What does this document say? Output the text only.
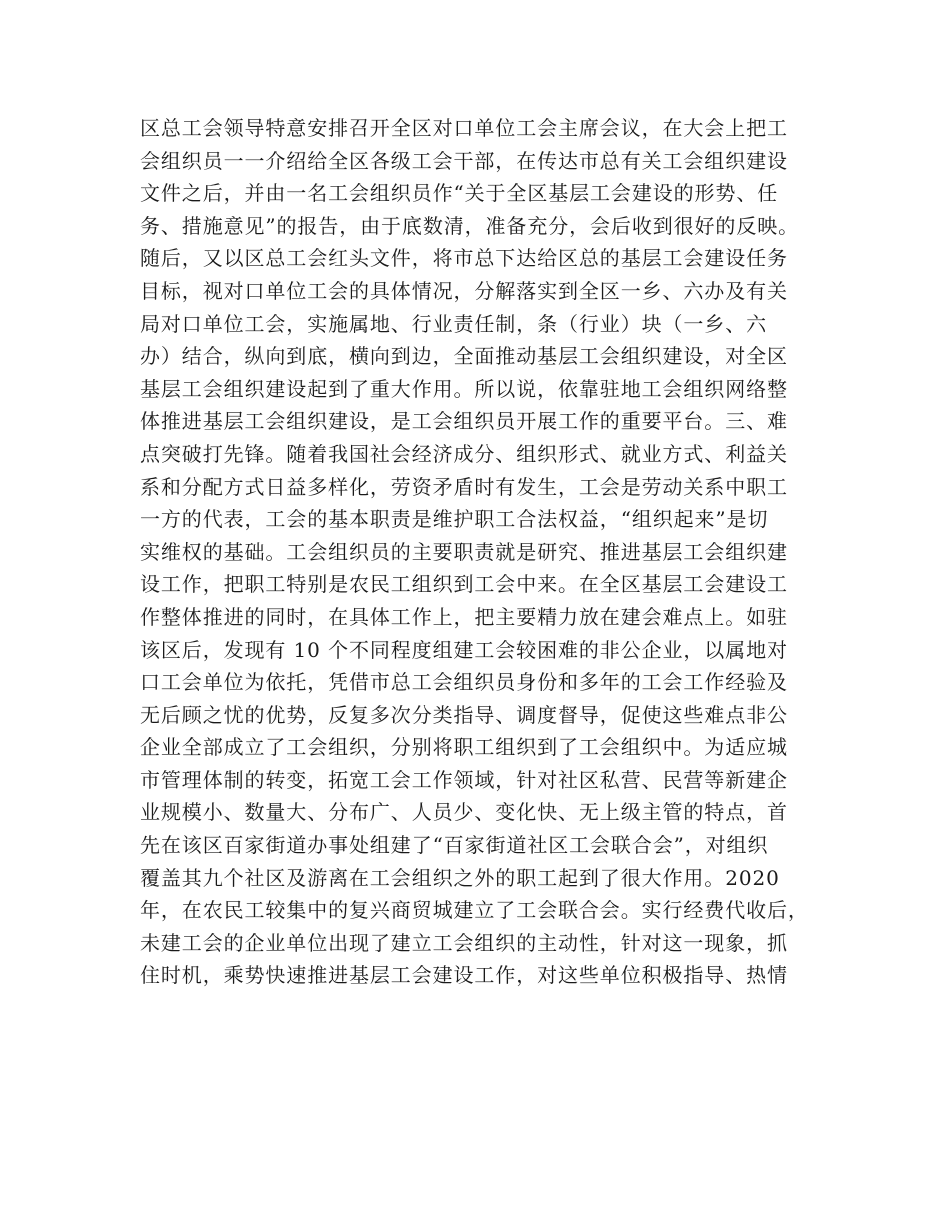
区总工会领导特意安排召开全区对口单位工会主席会议，在大会上把工
会组织员一一介绍给全区各级工会干部，在传达市总有关工会组织建设
文件之后，并由一名工会组织员作“关于全区基层工会建设的形势、任
务、措施意见”的报告，由于底数清，准备充分，会后收到很好的反映。
随后，又以区总工会红头文件，将市总下达给区总的基层工会建设任务
目标，视对口单位工会的具体情况，分解落实到全区一乡、六办及有关
局对口单位工会，实施属地、行业责任制，条（行业）块（一乡、六
办）结合，纵向到底，横向到边，全面推动基层工会组织建设，对全区
基层工会组织建设起到了重大作用。所以说，依靠驻地工会组织网络整
体推进基层工会组织建设，是工会组织员开展工作的重要平台。三、难
点突破打先锋。随着我国社会经济成分、组织形式、就业方式、利益关
系和分配方式日益多样化，劳资矛盾时有发生，工会是劳动关系中职工
一方的代表，工会的基本职责是维护职工合法权益，“组织起来”是切
实维权的基础。工会组织员的主要职责就是研究、推进基层工会组织建
设工作，把职工特别是农民工组织到工会中来。在全区基层工会建设工
作整体推进的同时，在具体工作上，把主要精力放在建会难点上。如驻
该区后，发现有 10 个不同程度组建工会较困难的非公企业，以属地对
口工会单位为依托，凭借市总工会组织员身份和多年的工会工作经验及
无后顾之忧的优势，反复多次分类指导、调度督导，促使这些难点非公
企业全部成立了工会组织，分别将职工组织到了工会组织中。为适应城
市管理体制的转变，拓宽工会工作领域，针对社区私营、民营等新建企
业规模小、数量大、分布广、人员少、变化快、无上级主管的特点，首
先在该区百家街道办事处组建了“百家街道社区工会联合会”，对组织
覆盖其九个社区及游离在工会组织之外的职工起到了很大作用。2020
年，在农民工较集中的复兴商贸城建立了工会联合会。实行经费代收后，
未建工会的企业单位出现了建立工会组织的主动性，针对这一现象，抓
住时机，乘势快速推进基层工会建设工作，对这些单位积极指导、热情
